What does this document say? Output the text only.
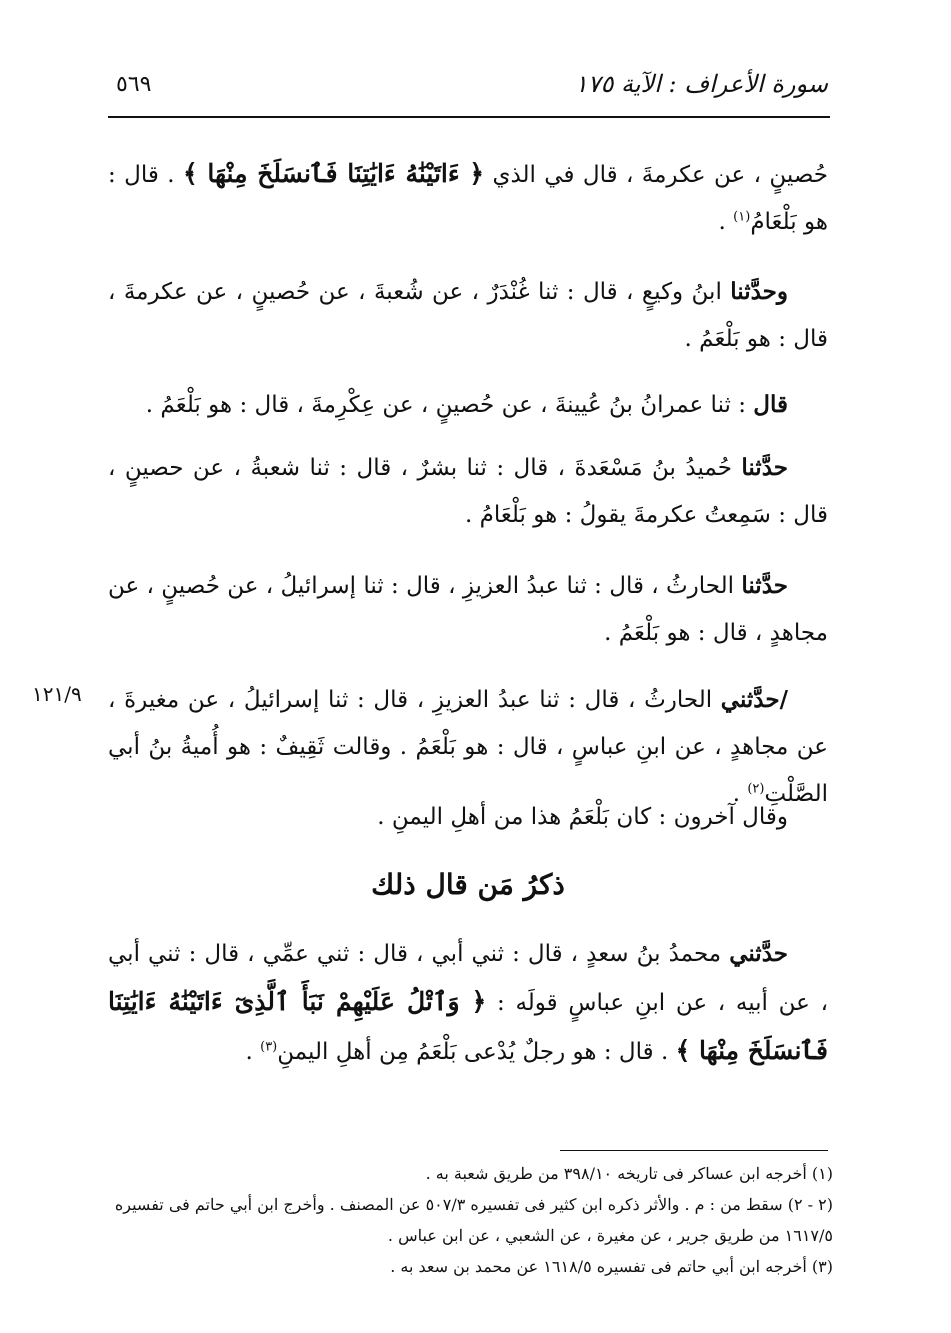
٥٦٩	سورة الأعراف : الآية ١٧٥

حُصينٍ ، عن عكرمةَ ، قال في الذي ﴿ ءَاتَيْنَٰهُ ءَايَٰتِنَا فَٱنسَلَخَ مِنْهَا ﴾ . قال : هو بَلْعَامُ$^{(١)}$ .

وحدَّثنا ابنُ وكيعٍ ، قال : ثنا غُنْدَرٌ ، عن شُعبةَ ، عن حُصينٍ ، عن عكرمةَ ، قال : هو بَلْعَمُ .

قال : ثنا عمرانُ بنُ عُيينةَ ، عن حُصينٍ ، عن عِكْرِمةَ ، قال : هو بَلْعَمُ .

حدَّثنا حُميدُ بنُ مَسْعَدةَ ، قال : ثنا بشرٌ ، قال : ثنا شعبةُ ، عن حصينٍ ، قال : سَمِعتُ عكرمةَ يقولُ : هو بَلْعَامُ .

حدَّثنا الحارثُ ، قال : ثنا عبدُ العزيزِ ، قال : ثنا إسرائيلُ ، عن حُصينٍ ، عن مجاهدٍ ، قال : هو بَلْعَمُ .

١٢١/٩	/حدَّثني الحارثُ ، قال : ثنا عبدُ العزيزِ ، قال : ثنا إسرائيلُ ، عن مغيرةَ ، عن مجاهدٍ ، عن ابنِ عباسٍ ، قال : هو بَلْعَمُ . وقالت ثَقِيفٌ : هو أُميةُ بنُ أبي الصَّلْتِ$^{(٢)}$ .

وقال آخرون : كان بَلْعَمُ هذا من أهلِ اليمنِ .

ذكرُ مَن قال ذلك

حدَّثني محمدُ بنُ سعدٍ ، قال : ثني أبي ، قال : ثني عمِّي ، قال : ثني أبي ، عن أبيه ، عن ابنِ عباسٍ قولَه : ﴿ وَٱتْلُ عَلَيْهِمْ نَبَأَ ٱلَّذِىٓ ءَاتَيْنَٰهُ ءَايَٰتِنَا فَٱنسَلَخَ مِنْهَا ﴾ . قال : هو رجلٌ يُدْعى بَلْعَمُ مِن أهلِ اليمنِ$^{(٣)}$ .

(١) أخرجه ابن عساكر فى تاريخه ٣٩٨/١٠ من طريق شعبة به .

(٢ - ٢) سقط من : م . والأثر ذكره ابن كثير فى تفسيره ٥٠٧/٣ عن المصنف . وأخرج ابن أبي حاتم فى تفسيره ١٦١٧/٥ من طريق جرير ، عن مغيرة ، عن الشعبي ، عن ابن عباس .

(٣) أخرجه ابن أبي حاتم فى تفسيره ١٦١٨/٥ عن محمد بن سعد به .
